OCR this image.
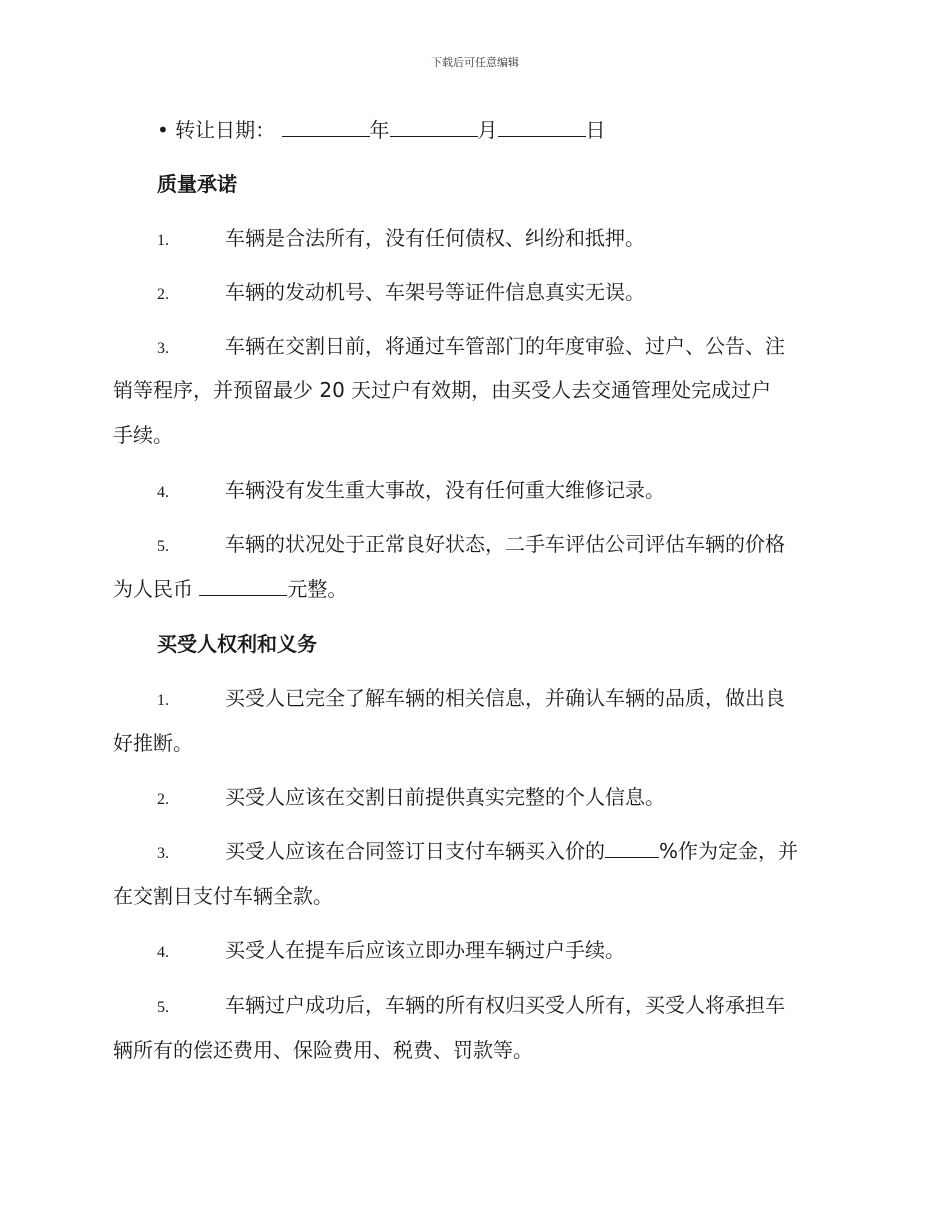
下载后可任意编辑
• 转让日期：	年	月	日
质量承诺
1.	车辆是合法所有，没有任何债权、纠纷和抵押。
2.	车辆的发动机号、车架号等证件信息真实无误。
3.	车辆在交割日前，将通过车管部门的年度审验、过户、公告、注
销等程序，并预留最少 20 天过户有效期，由买受人去交通管理处完成过户
手续。
4.	车辆没有发生重大事故，没有任何重大维修记录。
5.	车辆的状况处于正常良好状态，二手车评估公司评估车辆的价格
为人民币	元整。
买受人权利和义务
1.	买受人已完全了解车辆的相关信息，并确认车辆的品质，做出良
好推断。
2.	买受人应该在交割日前提供真实完整的个人信息。
3.	买受人应该在合同签订日支付车辆买入价的	%作为定金，并
在交割日支付车辆全款。
4.	买受人在提车后应该立即办理车辆过户手续。
5.	车辆过户成功后，车辆的所有权归买受人所有，买受人将承担车
辆所有的偿还费用、保险费用、税费、罚款等。
